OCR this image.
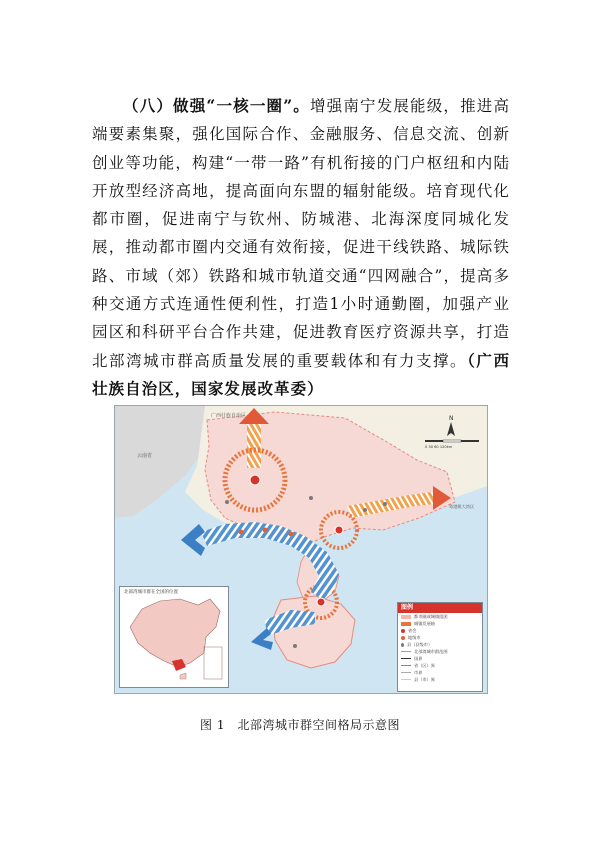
（八）做强“一核一圈”。增强南宁发展能级，推进高端要素集聚，强化国际合作、金融服务、信息交流、创新创业等功能，构建“一带一路”有机衔接的门户枢纽和内陆开放型经济高地，提高面向东盟的辐射能级。培育现代化都市圈，促进南宁与钦州、防城港、北海深度同城化发展，推动都市圈内交通有效衔接，促进干线铁路、城际铁路、市域（郊）铁路和城市轨道交通“四网融合”，提高多种交通方式连通性便利性，打造1小时通勤圈，加强产业园区和科研平台合作共建，促进教育医疗资源共享，打造北部湾城市群高质量发展的重要载体和有力支撑。（广西壮族自治区，国家发展改革委）

N
0 30 60 120km
云南省
广西壮族自治区
粤港澳大湾区
北部湾城市群在全国的位置
图例
都市圈或城镇组团
城镇发展轴
省会
地级市
县（县级市）
北部湾城市群范围
国界
省（区）界
市界
县（市）界
图 1　北部湾城市群空间格局示意图
